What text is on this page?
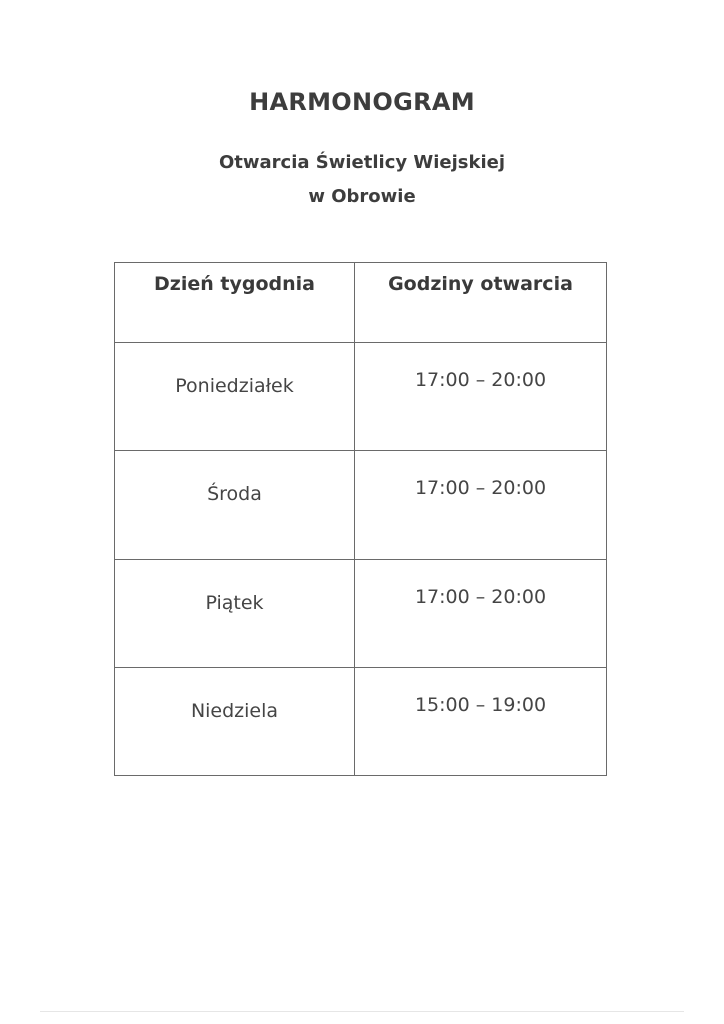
HARMONOGRAM
Otwarcia Świetlicy Wiejskiej
w Obrowie
Dzień tygodnia	Godziny otwarcia
Poniedziałek	17:00 – 20:00
Środa	17:00 – 20:00
Piątek	17:00 – 20:00
Niedziela	15:00 – 19:00
